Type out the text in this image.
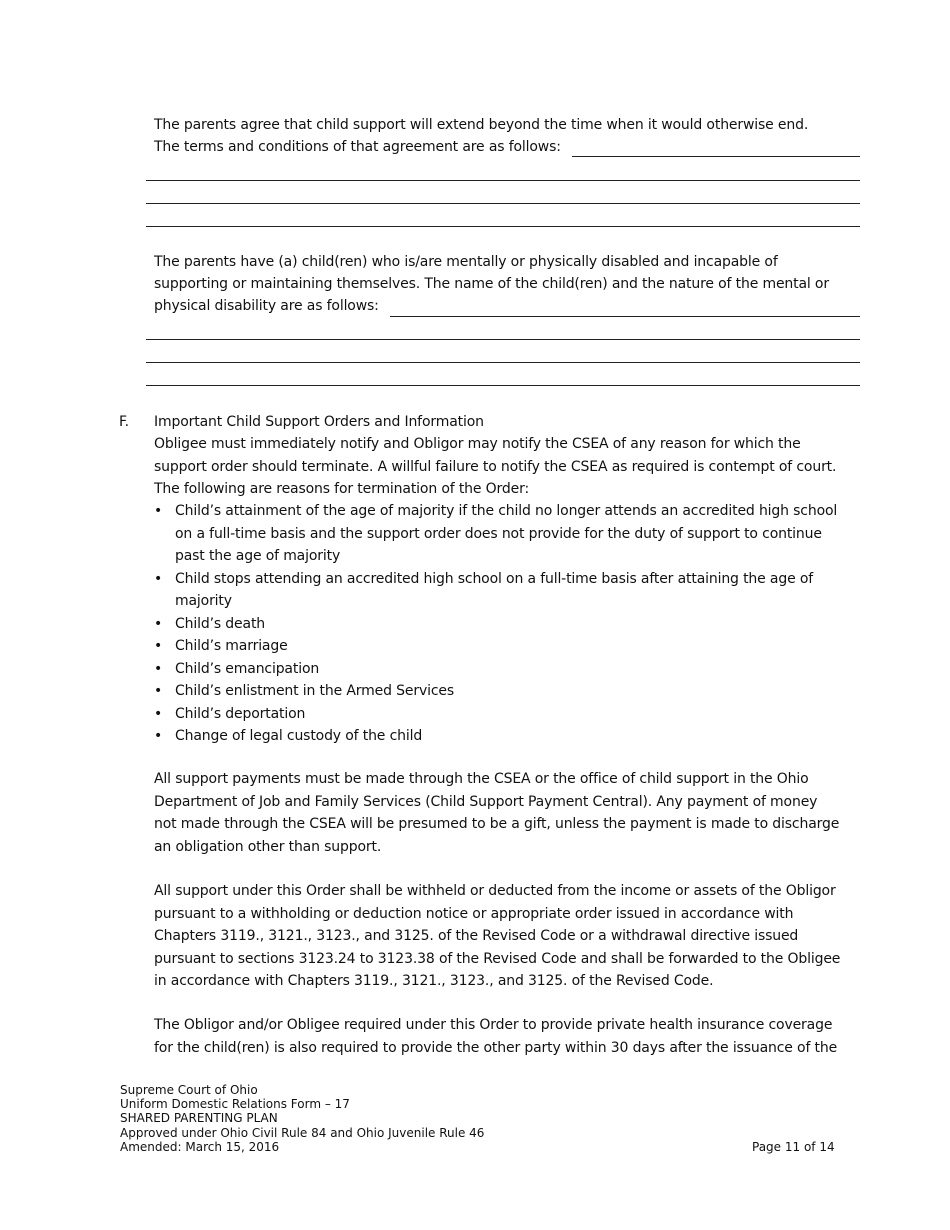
The parents agree that child support will extend beyond the time when it would otherwise end.
The terms and conditions of that agreement are as follows:
The parents have (a) child(ren) who is/are mentally or physically disabled and incapable of
supporting or maintaining themselves. The name of the child(ren) and the nature of the mental or
physical disability are as follows:
F. Important Child Support Orders and Information
Obligee must immediately notify and Obligor may notify the CSEA of any reason for which the
support order should terminate. A willful failure to notify the CSEA as required is contempt of court.
The following are reasons for termination of the Order:
• Child’s attainment of the age of majority if the child no longer attends an accredited high school
on a full-time basis and the support order does not provide for the duty of support to continue
past the age of majority
• Child stops attending an accredited high school on a full-time basis after attaining the age of
majority
• Child’s death
• Child’s marriage
• Child’s emancipation
• Child’s enlistment in the Armed Services
• Child’s deportation
• Change of legal custody of the child
All support payments must be made through the CSEA or the office of child support in the Ohio
Department of Job and Family Services (Child Support Payment Central). Any payment of money
not made through the CSEA will be presumed to be a gift, unless the payment is made to discharge
an obligation other than support.
All support under this Order shall be withheld or deducted from the income or assets of the Obligor
pursuant to a withholding or deduction notice or appropriate order issued in accordance with
Chapters 3119., 3121., 3123., and 3125. of the Revised Code or a withdrawal directive issued
pursuant to sections 3123.24 to 3123.38 of the Revised Code and shall be forwarded to the Obligee
in accordance with Chapters 3119., 3121., 3123., and 3125. of the Revised Code.
The Obligor and/or Obligee required under this Order to provide private health insurance coverage
for the child(ren) is also required to provide the other party within 30 days after the issuance of the
Supreme Court of Ohio
Uniform Domestic Relations Form – 17
SHARED PARENTING PLAN
Approved under Ohio Civil Rule 84 and Ohio Juvenile Rule 46
Amended: March 15, 2016	Page 11 of 14
